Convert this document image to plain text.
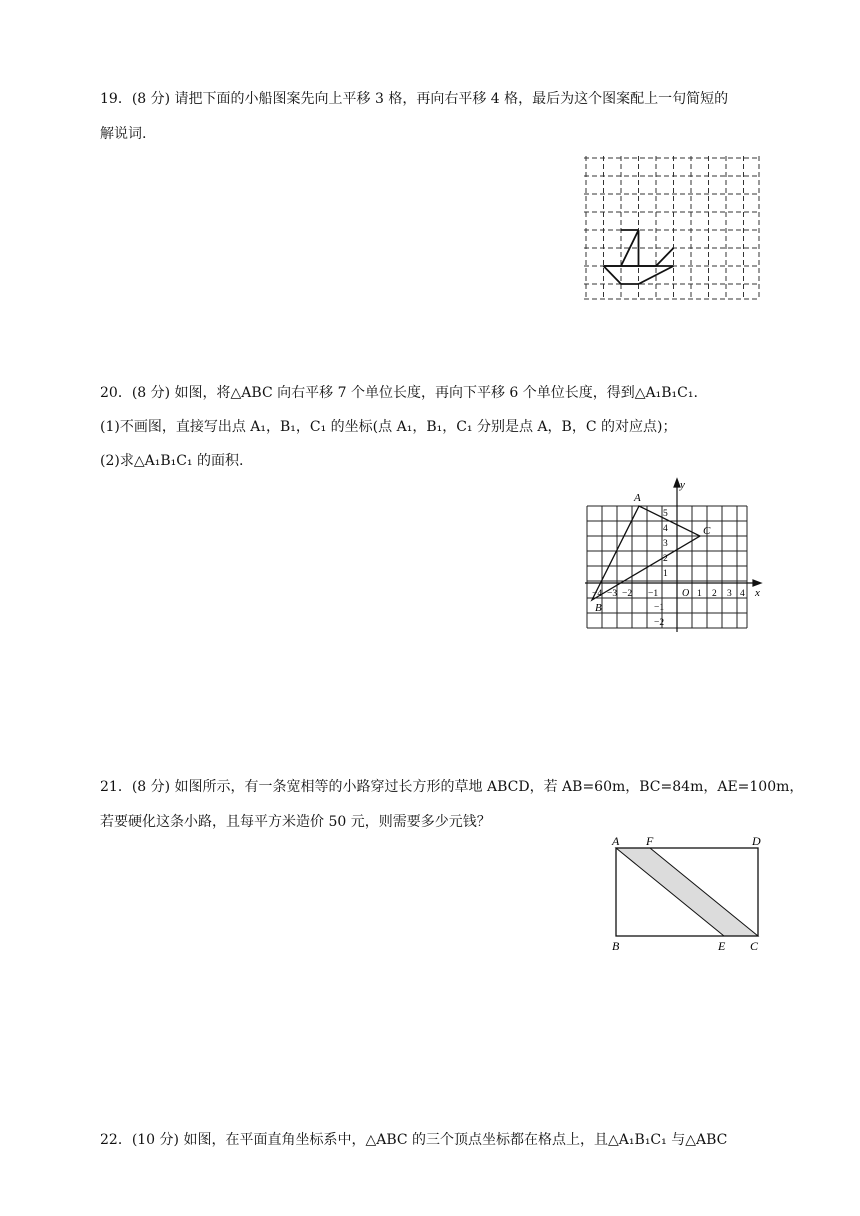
19．(8 分) 请把下面的小船图案先向上平移 3 格，再向右平移 4 格，最后为这个图案配上一句简短的
解说词.
20．(8 分) 如图，将△ABC 向右平移 7 个单位长度，再向下平移 6 个单位长度，得到△A₁B₁C₁.
(1)不画图，直接写出点 A₁，B₁，C₁ 的坐标(点 A₁，B₁，C₁ 分别是点 A，B，C 的对应点)；
(2)求△A₁B₁C₁ 的面积.
x
y
O
−4 −3 −2 −1	1 2 3 4
5
4
3
2
1
−1
−2
A
B
C
21．(8 分) 如图所示，有一条宽相等的小路穿过长方形的草地 ABCD，若 AB=60m，BC=84m，AE=100m，
若要硬化这条小路，且每平方米造价 50 元，则需要多少元钱？
A F	D
B	E C
22．(10 分) 如图，在平面直角坐标系中，△ABC 的三个顶点坐标都在格点上，且△A₁B₁C₁ 与△ABC
